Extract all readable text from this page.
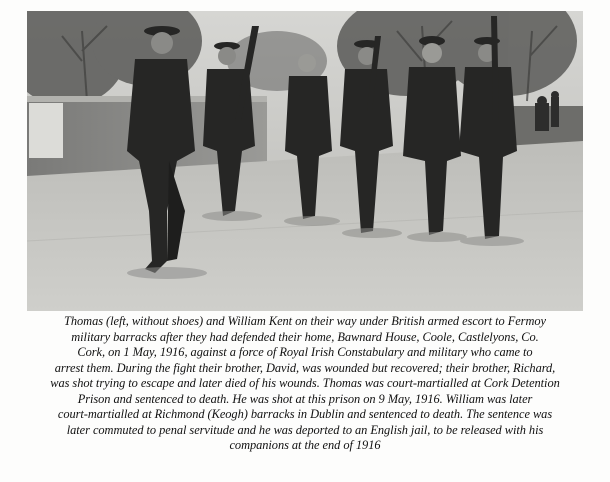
Thomas (left, without shoes) and William Kent on their way under British armed escort to Fermoy
military barracks after they had defended their home, Bawnard House, Coole, Castlelyons, Co.
Cork, on 1 May, 1916, against a force of Royal Irish Constabulary and military who came to
arrest them. During the fight their brother, David, was wounded but recovered; their brother, Richard,
was shot trying to escape and later died of his wounds. Thomas was court-martialled at Cork Detention
Prison and sentenced to death. He was shot at this prison on 9 May, 1916. William was later
court-martialled at Richmond (Keogh) barracks in Dublin and sentenced to death. The sentence was
later commuted to penal servitude and he was deported to an English jail, to be released with his
companions at the end of 1916
